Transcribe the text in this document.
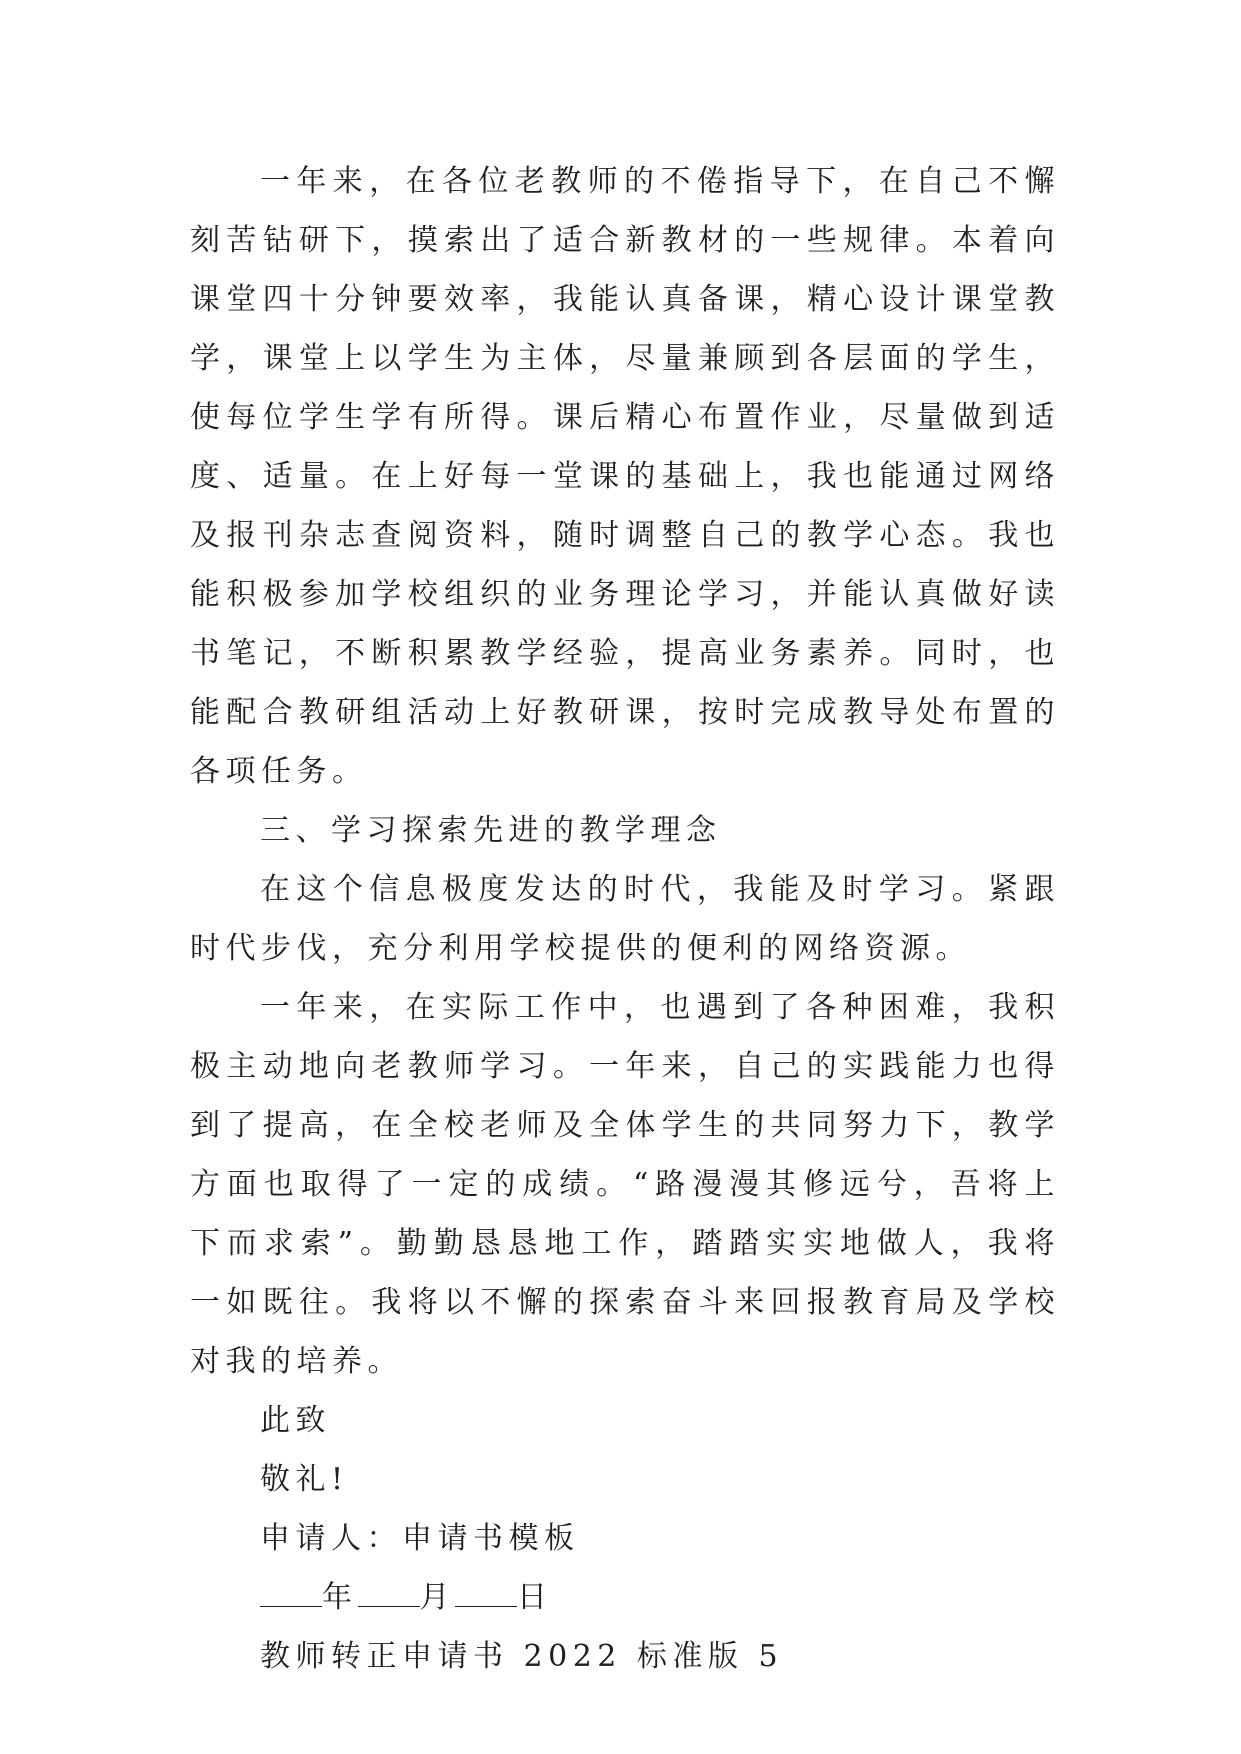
一年来，在各位老教师的不倦指导下，在自己不懈刻苦钻研下，摸索出了适合新教材的一些规律。本着向课堂四十分钟要效率，我能认真备课，精心设计课堂教学，课堂上以学生为主体，尽量兼顾到各层面的学生，使每位学生学有所得。课后精心布置作业，尽量做到适度、适量。在上好每一堂课的基础上，我也能通过网络及报刊杂志查阅资料，随时调整自己的教学心态。我也能积极参加学校组织的业务理论学习，并能认真做好读书笔记，不断积累教学经验，提高业务素养。同时，也能配合教研组活动上好教研课，按时完成教导处布置的各项任务。

三、学习探索先进的教学理念

在这个信息极度发达的时代，我能及时学习。紧跟时代步伐，充分利用学校提供的便利的网络资源。

一年来，在实际工作中，也遇到了各种困难，我积极主动地向老教师学习。一年来，自己的实践能力也得到了提高，在全校老师及全体学生的共同努力下，教学方面也取得了一定的成绩。“路漫漫其修远兮，吾将上下而求索”。勤勤恳恳地工作，踏踏实实地做人，我将一如既往。我将以不懈的探索奋斗来回报教育局及学校对我的培养。

此致

敬礼!

申请人：申请书模板

年 月 日

教师转正申请书 2022 标准版 5
